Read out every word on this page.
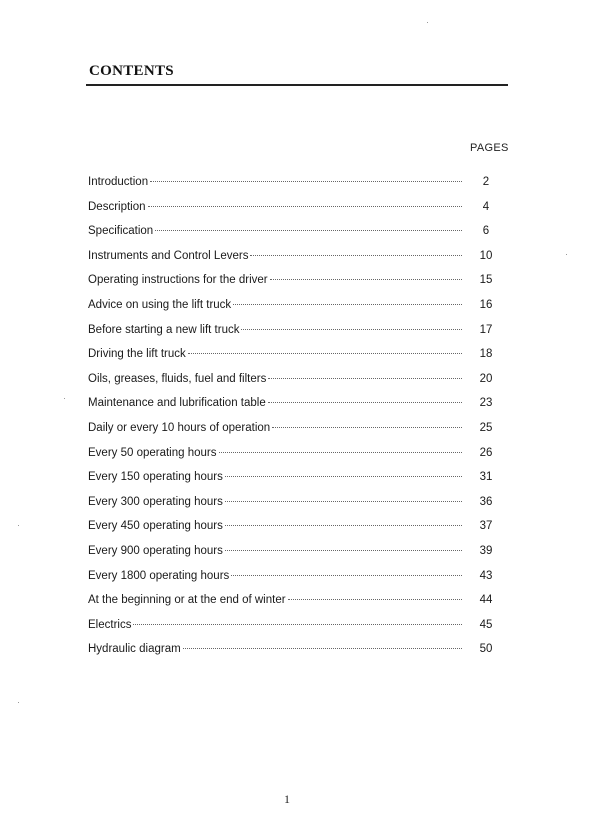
CONTENTS
PAGES
Introduction	2
Description	4
Specification	6
Instruments and Control Levers	10
Operating instructions for the driver	15
Advice on using the lift truck	16
Before starting a new lift truck	17
Driving the lift truck	18
Oils, greases, fluids, fuel and filters	20
Maintenance and lubrification table	23
Daily or every 10 hours of operation	25
Every 50 operating hours	26
Every 150 operating hours	31
Every 300 operating hours	36
Every 450 operating hours	37
Every 900 operating hours	39
Every 1800 operating hours	43
At the beginning or at the end of winter	44
Electrics	45
Hydraulic diagram	50
1
